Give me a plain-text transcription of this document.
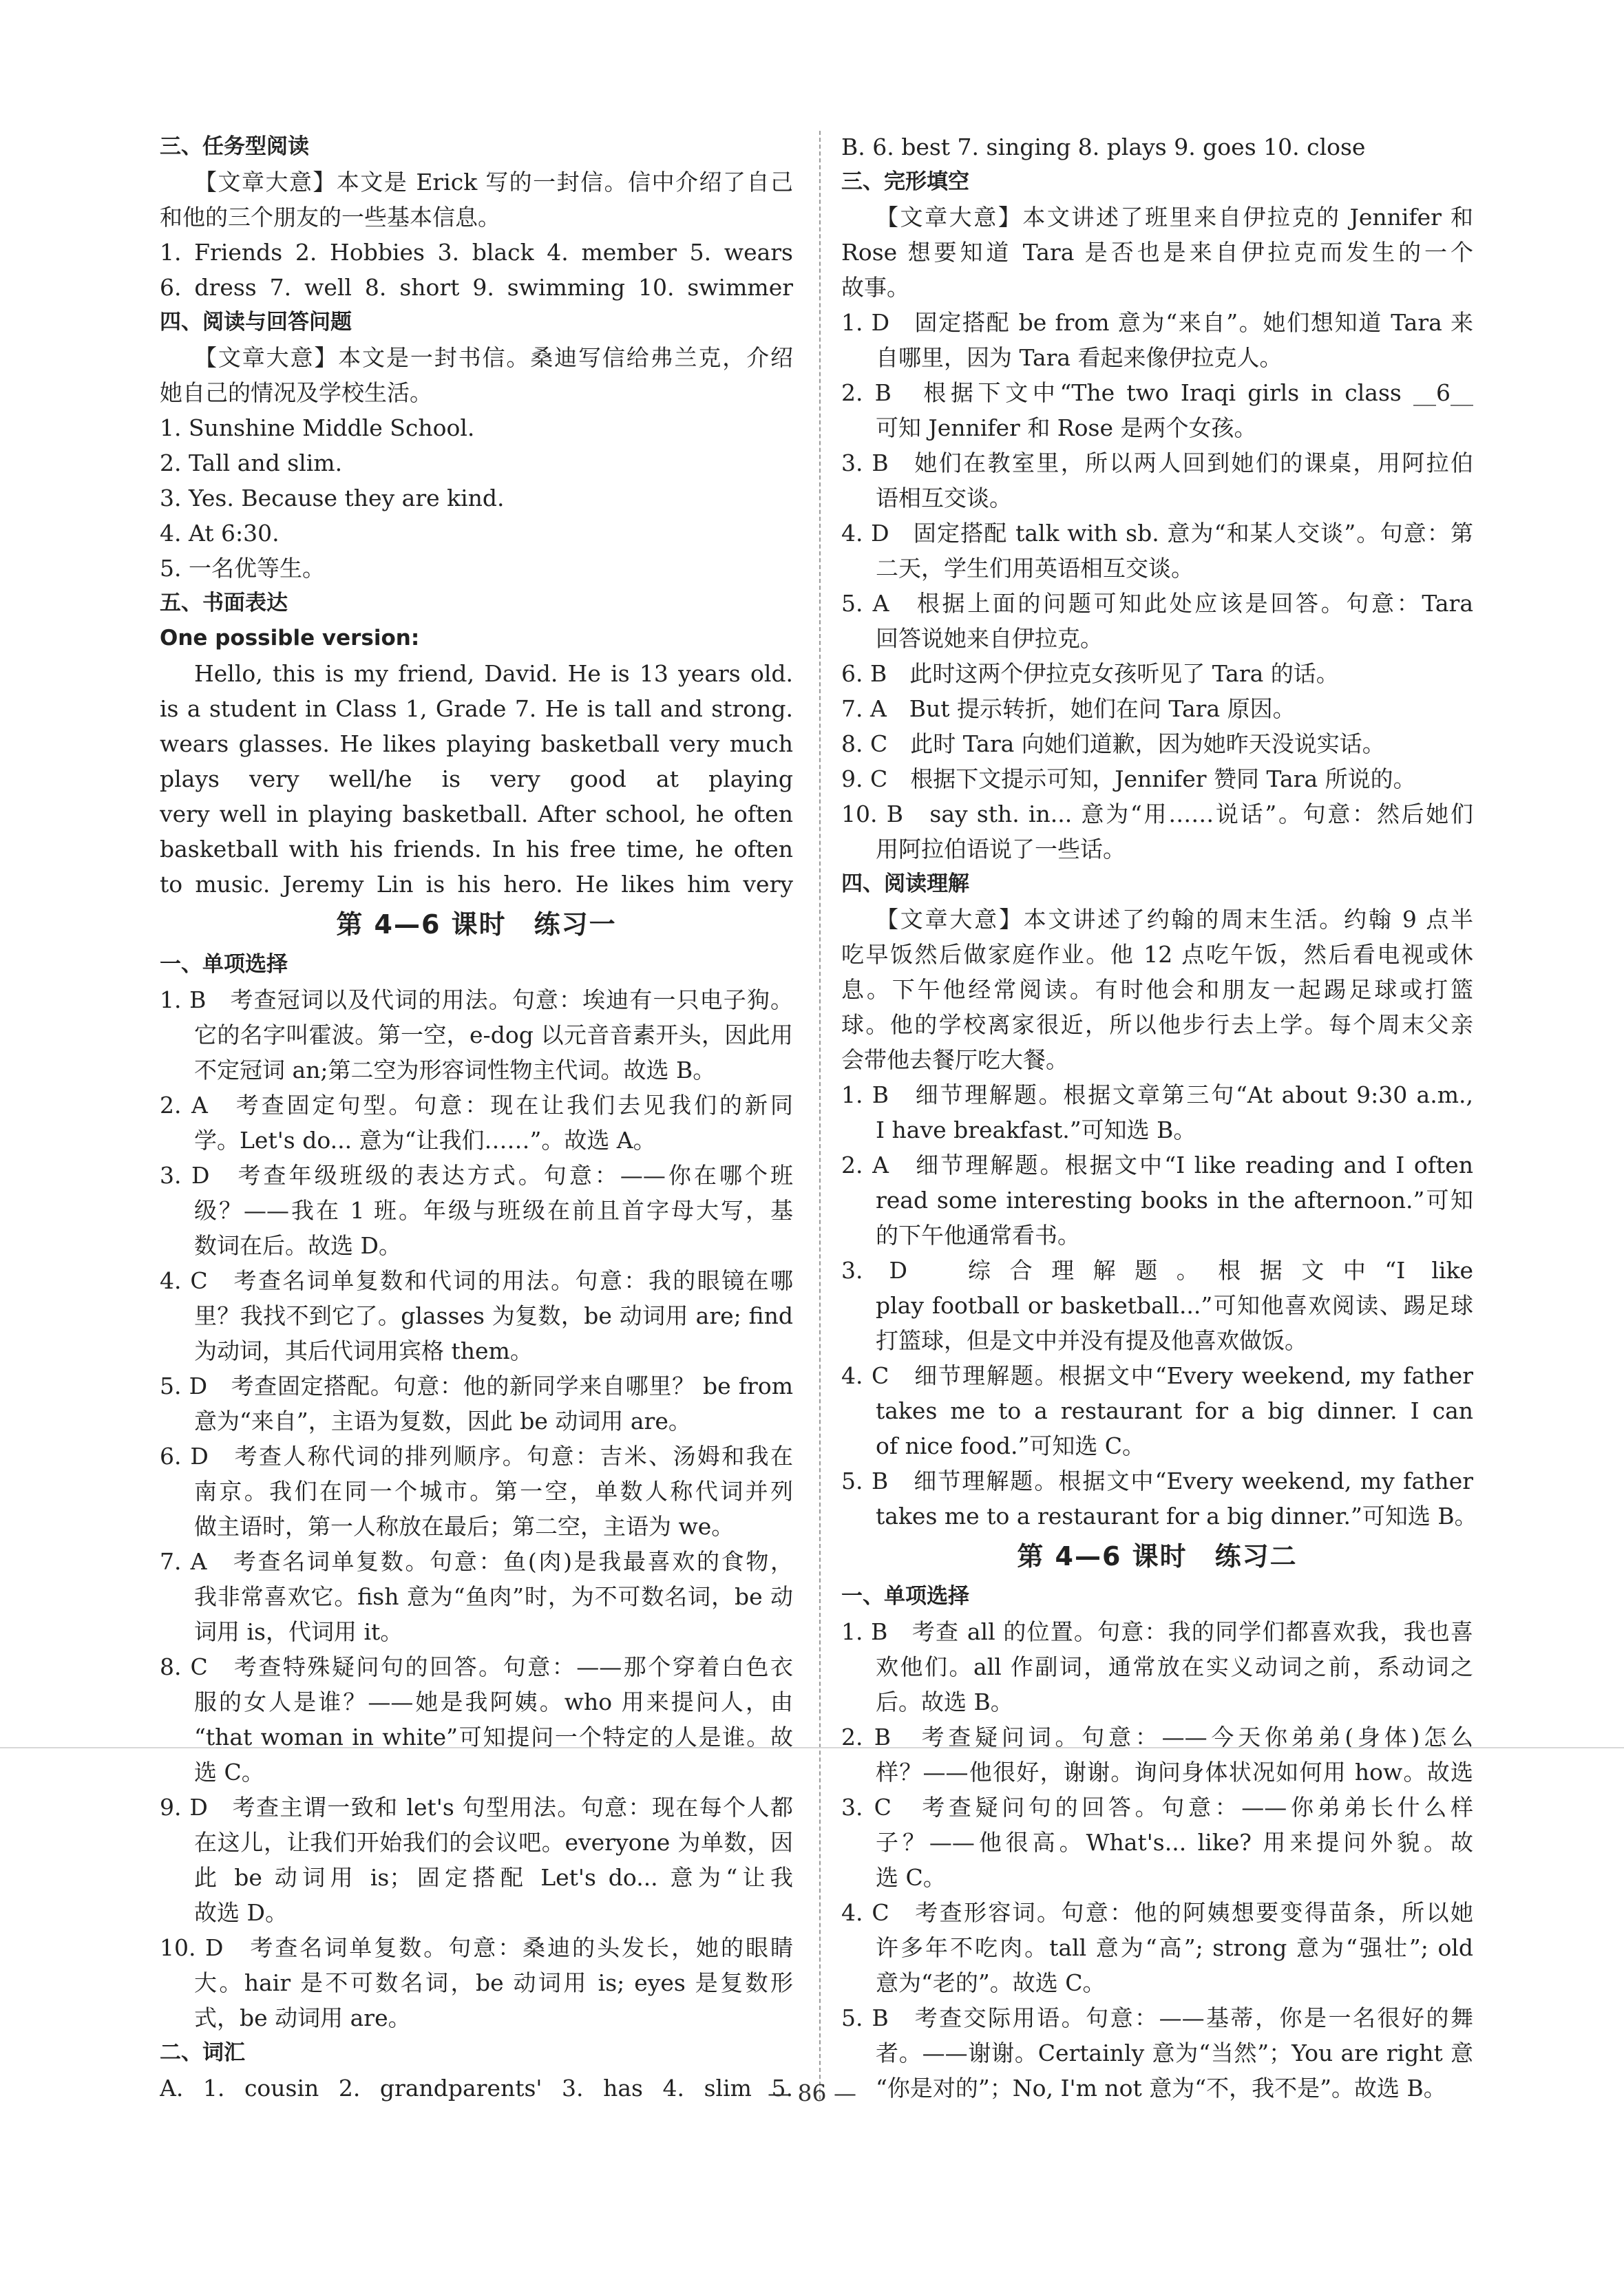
三、任务型阅读
【文章大意】本文是 Erick 写的一封信。信中介绍了自己
和他的三个朋友的一些基本信息。
1. Friends 2. Hobbies 3. black 4. member 5. wears
6. dress 7. well 8. short 9. swimming 10. swimmer
四、阅读与回答问题
【文章大意】本文是一封书信。桑迪写信给弗兰克，介绍
她自己的情况及学校生活。
1. Sunshine Middle School.
2. Tall and slim.
3. Yes. Because they are kind.
4. At 6:30.
5. 一名优等生。
五、书面表达
One possible version:
Hello, this is my friend, David. He is 13 years old.
is a student in Class 1, Grade 7. He is tall and strong.
wears glasses. He likes playing basketball very much
plays very well/he is very good at playing
very well in playing basketball. After school, he often
basketball with his friends. In his free time, he often
to music. Jeremy Lin is his hero. He likes him very
第 4—6 课时　练习一
一、单项选择
1. B　考查冠词以及代词的用法。句意：埃迪有一只电子狗。
它的名字叫霍波。第一空，e-dog 以元音音素开头，因此用
不定冠词 an;第二空为形容词性物主代词。故选 B。
2. A　考查固定句型。句意：现在让我们去见我们的新同
学。Let's do... 意为“让我们……”。故选 A。
3. D　考查年级班级的表达方式。句意：——你在哪个班
级？——我在 1 班。年级与班级在前且首字母大写，基
数词在后。故选 D。
4. C　考查名词单复数和代词的用法。句意：我的眼镜在哪
里？我找不到它了。glasses 为复数，be 动词用 are; find
为动词，其后代词用宾格 them。
5. D　考查固定搭配。句意：他的新同学来自哪里？ be from
意为“来自”，主语为复数，因此 be 动词用 are。
6. D　考查人称代词的排列顺序。句意：吉米、汤姆和我在
南京。我们在同一个城市。第一空，单数人称代词并列
做主语时，第一人称放在最后；第二空，主语为 we。
7. A　考查名词单复数。句意：鱼(肉)是我最喜欢的食物，
我非常喜欢它。fish 意为“鱼肉”时，为不可数名词，be 动
词用 is，代词用 it。
8. C　考查特殊疑问句的回答。句意：——那个穿着白色衣
服的女人是谁？——她是我阿姨。who 用来提问人，由
“that woman in white”可知提问一个特定的人是谁。故
选 C。
9. D　考查主谓一致和 let's 句型用法。句意：现在每个人都
在这儿，让我们开始我们的会议吧。everyone 为单数，因
此 be 动词用 is；固定搭配 Let's do... 意为“让我
故选 D。
10. D　考查名词单复数。句意：桑迪的头发长，她的眼睛
大。hair 是不可数名词，be 动词用 is; eyes 是复数形
式，be 动词用 are。
二、词汇
A. 1. cousin 2. grandparents' 3. has 4. slim 5.
B. 6. best 7. singing 8. plays 9. goes 10. close
三、完形填空
【文章大意】本文讲述了班里来自伊拉克的 Jennifer 和
Rose 想要知道 Tara 是否也是来自伊拉克而发生的一个
故事。
1. D　固定搭配 be from 意为“来自”。她们想知道 Tara 来
自哪里，因为 Tara 看起来像伊拉克人。
2. B　根据下文中“The two Iraqi girls in class __6__
可知 Jennifer 和 Rose 是两个女孩。
3. B　她们在教室里，所以两人回到她们的课桌，用阿拉伯
语相互交谈。
4. D　固定搭配 talk with sb. 意为“和某人交谈”。句意：第
二天，学生们用英语相互交谈。
5. A　根据上面的问题可知此处应该是回答。句意：Tara
回答说她来自伊拉克。
6. B　此时这两个伊拉克女孩听见了 Tara 的话。
7. A　But 提示转折，她们在问 Tara 原因。
8. C　此时 Tara 向她们道歉，因为她昨天没说实话。
9. C　根据下文提示可知，Jennifer 赞同 Tara 所说的。
10. B　say sth. in... 意为“用……说话”。句意：然后她们
用阿拉伯语说了一些话。
四、阅读理解
【文章大意】本文讲述了约翰的周末生活。约翰 9 点半
吃早饭然后做家庭作业。他 12 点吃午饭，然后看电视或休
息。下午他经常阅读。有时他会和朋友一起踢足球或打篮
球。他的学校离家很近，所以他步行去上学。每个周末父亲
会带他去餐厅吃大餐。
1. B　细节理解题。根据文章第三句“At about 9:30 a.m.,
I have breakfast.”可知选 B。
2. A　细节理解题。根据文中“I like reading and I often
read some interesting books in the afternoon.”可知
的下午他通常看书。
3. D　综合理解题。根据文中“I like
play football or basketball...”可知他喜欢阅读、踢足球
打篮球，但是文中并没有提及他喜欢做饭。
4. C　细节理解题。根据文中“Every weekend, my father
takes me to a restaurant for a big dinner. I can
of nice food.”可知选 C。
5. B　细节理解题。根据文中“Every weekend, my father
takes me to a restaurant for a big dinner.”可知选 B。
第 4—6 课时　练习二
一、单项选择
1. B　考查 all 的位置。句意：我的同学们都喜欢我，我也喜
欢他们。all 作副词，通常放在实义动词之前，系动词之
后。故选 B。
2. B　考查疑问词。句意：——今天你弟弟(身体)怎么
样？——他很好，谢谢。询问身体状况如何用 how。故选
3. C　考查疑问句的回答。句意：——你弟弟长什么样
子？——他很高。What's... like? 用来提问外貌。故
选 C。
4. C　考查形容词。句意：他的阿姨想要变得苗条，所以她
许多年不吃肉。tall 意为“高”; strong 意为“强壮”; old
意为“老的”。故选 C。
5. B　考查交际用语。句意：——基蒂，你是一名很好的舞
者。——谢谢。Certainly 意为“当然”；You are right 意
“你是对的”；No, I'm not 意为“不，我不是”。故选 B。
— 86 —
